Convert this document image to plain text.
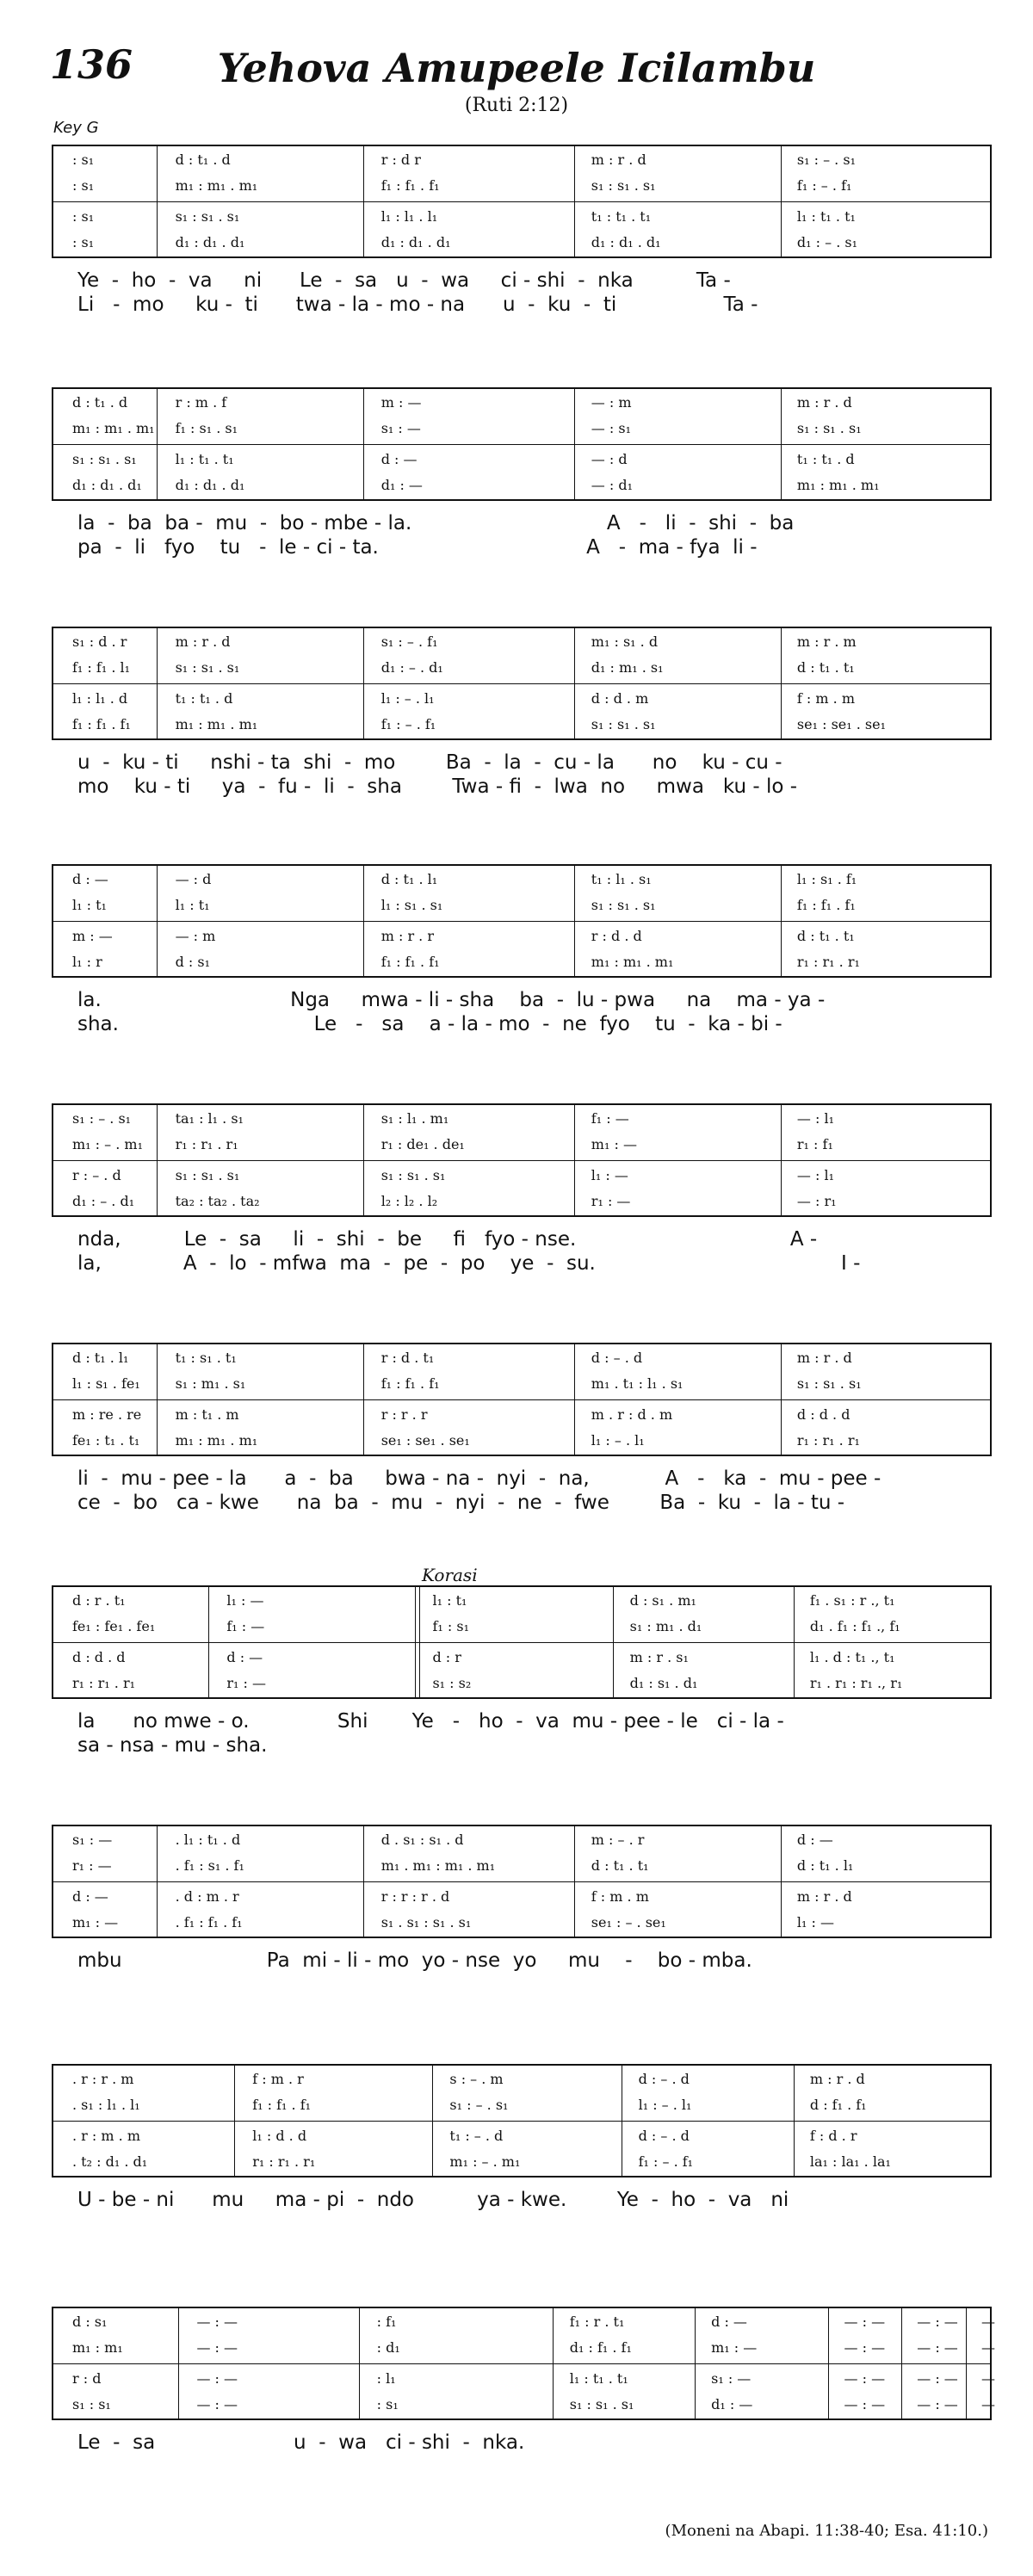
136	Yehova Amupeele Icilambu
(Ruti 2:12)
Key G
Korasi
: s₁	d : t₁ . d	r : d r	m : r . d	s₁ : – . s₁
: s₁	m₁ : m₁ . m₁	f₁ : f₁ . f₁	s₁ : s₁ . s₁	f₁ : – . f₁
: s₁	s₁ : s₁ . s₁	l₁ : l₁ . l₁	t₁ : t₁ . t₁	l₁ : t₁ . t₁
: s₁	d₁ : d₁ . d₁	d₁ : d₁ . d₁	d₁ : d₁ . d₁	d₁ : – . s₁
Ye  -  ho  -  va     ni      Le  -  sa   u  -  wa     ci - shi  -  nka          Ta -
Li   -  mo     ku -  ti      twa - la - mo - na      u  -  ku  -  ti                 Ta -
d : t₁ . d	r : m . f	m : —	— : m	m : r . d
m₁ : m₁ . m₁	f₁ : s₁ . s₁	s₁ : —	— : s₁	s₁ : s₁ . s₁
s₁ : s₁ . s₁	l₁ : t₁ . t₁	d : —	— : d	t₁ : t₁ . d
d₁ : d₁ . d₁	d₁ : d₁ . d₁	d₁ : —	— : d₁	m₁ : m₁ . m₁
la  -  ba  ba -  mu  -  bo - mbe - la.                               A   -   li  -  shi  -  ba
pa  -  li   fyo    tu   -  le - ci - ta.                                 A   -  ma - fya  li -
s₁ : d . r	m : r . d	s₁ : – . f₁	m₁ : s₁ . d	m : r . m
f₁ : f₁ . l₁	s₁ : s₁ . s₁	d₁ : – . d₁	d₁ : m₁ . s₁	d : t₁ . t₁
l₁ : l₁ . d	t₁ : t₁ . d	l₁ : – . l₁	d : d . m	f : m . m
f₁ : f₁ . f₁	m₁ : m₁ . m₁	f₁ : – . f₁	s₁ : s₁ . s₁	se₁ : se₁ . se₁
u  -  ku - ti     nshi - ta  shi  -  mo        Ba  -  la  -  cu - la      no    ku - cu -
mo    ku - ti     ya  -  fu -  li  -  sha        Twa - fi  -  lwa  no     mwa   ku - lo -
d : —	— : d	d : t₁ . l₁	t₁ : l₁ . s₁	l₁ : s₁ . f₁
l₁ : t₁	l₁ : t₁	l₁ : s₁ . s₁	s₁ : s₁ . s₁	f₁ : f₁ . f₁
m : —	— : m	m : r . r	r : d . d	d : t₁ . t₁
l₁ : r	d : s₁	f₁ : f₁ . f₁	m₁ : m₁ . m₁	r₁ : r₁ . r₁
la.                              Nga     mwa - li - sha    ba  -  lu - pwa     na    ma - ya -
sha.                               Le   -   sa    a - la - mo  -  ne  fyo    tu  -  ka - bi -
s₁ : – . s₁	ta₁ : l₁ . s₁	s₁ : l₁ . m₁	f₁ : —	— : l₁
m₁ : – . m₁	r₁ : r₁ . r₁	r₁ : de₁ . de₁	m₁ : —	r₁ : f₁
r : – . d	s₁ : s₁ . s₁	s₁ : s₁ . s₁	l₁ : —	— : l₁
d₁ : – . d₁	ta₂ : ta₂ . ta₂	l₂ : l₂ . l₂	r₁ : —	— : r₁
nda,          Le  -  sa     li  -  shi  -  be     fi   fyo - nse.                                  A -
la,             A  -  lo  - mfwa  ma  -  pe  -  po    ye  -  su.                                       I -
d : t₁ . l₁	t₁ : s₁ . t₁	r : d . t₁	d : – . d	m : r . d
l₁ : s₁ . fe₁	s₁ : m₁ . s₁	f₁ : f₁ . f₁	m₁ . t₁ : l₁ . s₁	s₁ : s₁ . s₁
m : re . re	m : t₁ . m	r : r . r	m . r : d . m	d : d . d
fe₁ : t₁ . t₁	m₁ : m₁ . m₁	se₁ : se₁ . se₁	l₁ : – . l₁	r₁ : r₁ . r₁
li  -  mu - pee - la      a  -  ba     bwa - na -  nyi  -  na,            A   -   ka  -  mu - pee -
ce  -  bo   ca - kwe      na  ba  -  mu  -  nyi  -  ne  -  fwe        Ba  -  ku  -  la - tu -
d : r . t₁	l₁ : —	l₁ : t₁	d : s₁ . m₁	f₁ . s₁ : r ., t₁
fe₁ : fe₁ . fe₁	f₁ : —	f₁ : s₁	s₁ : m₁ . d₁	d₁ . f₁ : f₁ ., f₁
d : d . d	d : —	d : r	m : r . s₁	l₁ . d : t₁ ., t₁
r₁ : r₁ . r₁	r₁ : —	s₁ : s₂	d₁ : s₁ . d₁	r₁ . r₁ : r₁ ., r₁
la      no mwe - o.              Shi       Ye   -   ho  -  va  mu - pee - le   ci - la -
sa - nsa - mu - sha.
s₁ : —	. l₁ : t₁ . d	d . s₁ : s₁ . d	m : – . r	d : —
r₁ : —	. f₁ : s₁ . f₁	m₁ . m₁ : m₁ . m₁	d : t₁ . t₁	d : t₁ . l₁
d : —	. d : m . r	r : r : r . d	f : m . m	m : r . d
m₁ : —	. f₁ : f₁ . f₁	s₁ . s₁ : s₁ . s₁	se₁ : – . se₁	l₁ : —
mbu                       Pa  mi - li - mo  yo - nse  yo     mu    -    bo - mba.
. r : r . m	f : m . r	s : – . m	d : – . d	m : r . d
. s₁ : l₁ . l₁	f₁ : f₁ . f₁	s₁ : – . s₁	l₁ : – . l₁	d : f₁ . f₁
. r : m . m	l₁ : d . d	t₁ : – . d	d : – . d	f : d . r
. t₂ : d₁ . d₁	r₁ : r₁ . r₁	m₁ : – . m₁	f₁ : – . f₁	la₁ : la₁ . la₁
U - be - ni      mu     ma - pi  -  ndo          ya - kwe.        Ye  -  ho  -  va   ni
d : s₁	— : —	: f₁	f₁ : r . t₁	d : —	— : —	— : —	—
m₁ : m₁	— : —	: d₁	d₁ : f₁ . f₁	m₁ : —	— : —	— : —	—
r : d	— : —	: l₁	l₁ : t₁ . t₁	s₁ : —	— : —	— : —	—
s₁ : s₁	— : —	: s₁	s₁ : s₁ . s₁	d₁ : —	— : —	— : —	—
Le  -  sa                      u  -  wa   ci - shi  -  nka.
(Moneni na Abapi. 11:38-40; Esa. 41:10.)
